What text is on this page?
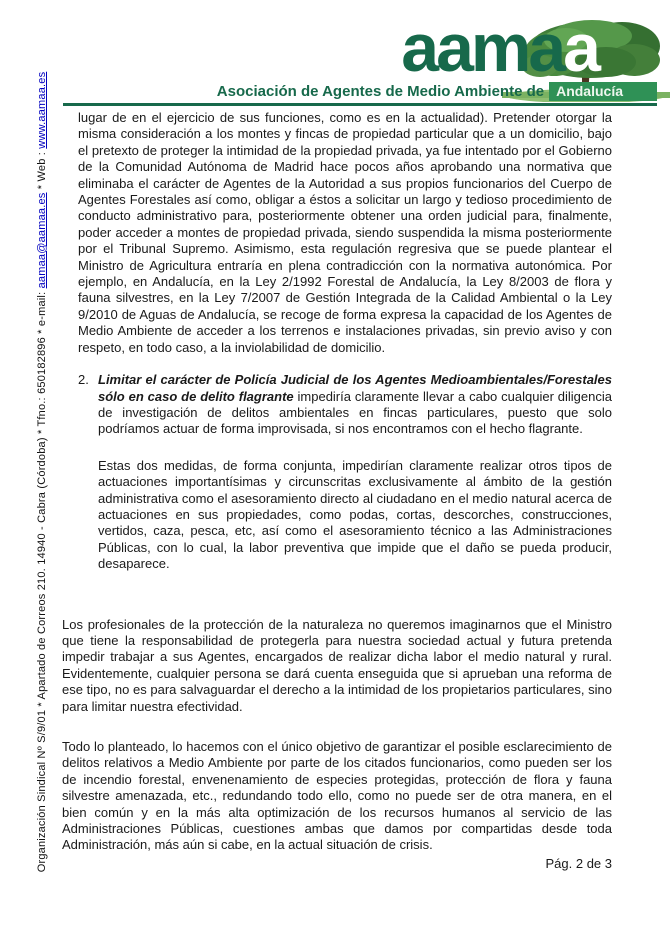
aamaa
Asociación de Agentes de Medio Ambiente de Andalucía
Organización Sindical Nº S/9/01 * Apartado de Correos 210. 14940 - Cabra (Córdoba) * Tfno.: 650182896 * e-mail: aamaa@aamaa.es * Web : www.aamaa.es lugar de en el ejercicio de sus funciones, como es en la actualidad). Pretender otorgar la misma consideración a los montes y fincas de propiedad particular que a un domicilio, bajo el pretexto de proteger la intimidad de la propiedad privada, ya fue intentado por el Gobierno de la Comunidad Autónoma de Madrid hace pocos años aprobando una normativa que eliminaba el carácter de Agentes de la Autoridad a sus propios funcionarios del Cuerpo de Agentes Forestales así como, obligar a éstos a solicitar un largo y tedioso procedimiento de conducto administrativo para, posteriormente obtener una orden judicial para, finalmente, poder acceder a montes de propiedad privada, siendo suspendida la misma posteriormente por el Tribunal Supremo. Asimismo, esta regulación regresiva que se puede plantear el Ministro de Agricultura entraría en plena contradicción con la normativa autonómica. Por ejemplo, en Andalucía, en la Ley 2/1992 Forestal de Andalucía, la Ley 8/2003 de flora y fauna silvestres, en la Ley 7/2007 de Gestión Integrada de la Calidad Ambiental o la Ley 9/2010 de Aguas de Andalucía, se recoge de forma expresa la capacidad de los Agentes de Medio Ambiente de acceder a los terrenos e instalaciones privadas, sin previo aviso y con respeto, en todo caso, a la inviolabilidad de domicilio.

2. Limitar el carácter de Policía Judicial de los Agentes Medioambientales/Forestales sólo en caso de delito flagrante impediría claramente llevar a cabo cualquier diligencia de investigación de delitos ambientales en fincas particulares, puesto que solo podríamos actuar de forma improvisada, si nos encontramos con el hecho flagrante.

Estas dos medidas, de forma conjunta, impedirían claramente realizar otros tipos de actuaciones importantísimas y circunscritas exclusivamente al ámbito de la gestión administrativa como el asesoramiento directo al ciudadano en el medio natural acerca de actuaciones en sus propiedades, como podas, cortas, descorches, construcciones, vertidos, caza, pesca, etc, así como el asesoramiento técnico a las Administraciones Públicas, con lo cual, la labor preventiva que impide que el daño se pueda producir, desaparece.

Los profesionales de la protección de la naturaleza no queremos imaginarnos que el Ministro que tiene la responsabilidad de protegerla para nuestra sociedad actual y futura pretenda impedir trabajar a sus Agentes, encargados de realizar dicha labor el medio natural y rural. Evidentemente, cualquier persona se dará cuenta enseguida que si aprueban una reforma de ese tipo, no es para salvaguardar el derecho a la intimidad de los propietarios particulares, sino para limitar nuestra efectividad.

Todo lo planteado, lo hacemos con el único objetivo de garantizar el posible esclarecimiento de delitos relativos a Medio Ambiente por parte de los citados funcionarios, como pueden ser los de incendio forestal, envenenamiento de especies protegidas, protección de flora y fauna silvestre amenazada, etc., redundando todo ello, como no puede ser de otra manera, en el bien común y en la más alta optimización de los recursos humanos al servicio de las Administraciones Públicas, cuestiones ambas que damos por compartidas desde toda Administración, más aún si cabe, en la actual situación de crisis.

Pág. 2 de 3
